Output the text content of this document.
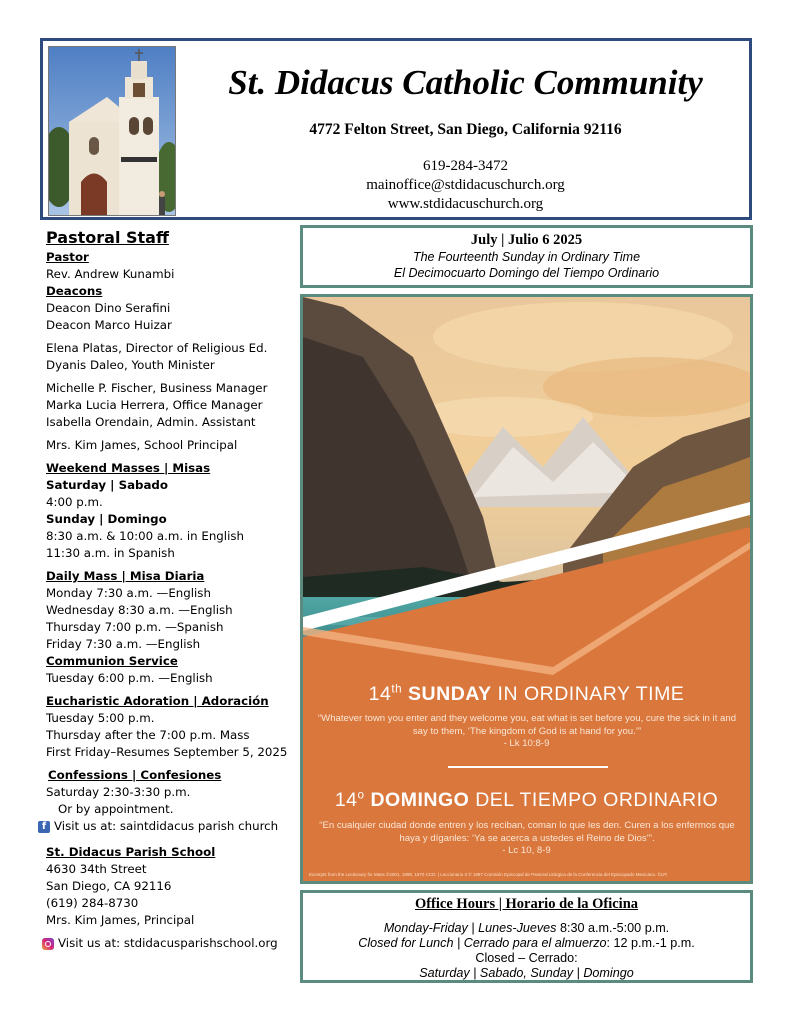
St. Didacus Catholic Community
4772 Felton Street, San Diego, California 92116
619-284-3472
mainoffice@stdidacuschurch.org
www.stdidacuschurch.org
Pastoral Staff
Pastor
Rev. Andrew Kunambi
Deacons
Deacon Dino Serafini
Deacon Marco Huizar
Elena Platas, Director of Religious Ed.
Dyanis Daleo, Youth Minister
Michelle P. Fischer, Business Manager
Marka Lucia Herrera, Office Manager
Isabella Orendain, Admin. Assistant
Mrs. Kim James, School Principal
Weekend Masses | Misas
Saturday | Sabado
4:00 p.m.
Sunday | Domingo
8:30 a.m. & 10:00 a.m. in English
11:30 a.m. in Spanish
Daily Mass | Misa Diaria
Monday 7:30 a.m. —English
Wednesday 8:30 a.m. —English
Thursday 7:00 p.m. —Spanish
Friday 7:30 a.m. —English
Communion Service
Tuesday 6:00 p.m. —English
Eucharistic Adoration | Adoración
Tuesday 5:00 p.m.
Thursday after the 7:00 p.m. Mass
First Friday–Resumes September 5, 2025
Confessions | Confesiones
Saturday 2:30-3:30 p.m.
Or by appointment.
f Visit us at: saintdidacus parish church
St. Didacus Parish School
4630 34th Street
San Diego, CA 92116
(619) 284-8730
Mrs. Kim James, Principal
Visit us at: stdidacusparishschool.org
July | Julio 6 2025
The Fourteenth Sunday in Ordinary Time
El Decimocuarto Domingo del Tiempo Ordinario
14th SUNDAY IN ORDINARY TIME
“Whatever town you enter and they welcome you, eat what is set before you, cure the sick in it and say to them, ‘The kingdom of God is at hand for you.’”
- Lk 10:8-9
14$^o$ DOMINGO DEL TIEMPO ORDINARIO
“En cualquier ciudad donde entren y los reciban, coman lo que les den. Curen a los enfermos que haya y díganles: ‘Ya se acerca a ustedes el Reino de Dios’”.
- Lc 10, 8-9
Excerpts from the Lectionary for Mass ©2001, 1998, 1970 CCD. | Leccionario II © 1987 Comisión Episcopal de Pastoral Litúrgica de la Conferencia del Episcopado Mexicano. ©LPi
Office Hours | Horario de la Oficina
Monday-Friday | Lunes-Jueves 8:30 a.m.-5:00 p.m.
Closed for Lunch | Cerrado para el almuerzo: 12 p.m.-1 p.m.
Closed – Cerrado:
Saturday | Sabado, Sunday | Domingo
